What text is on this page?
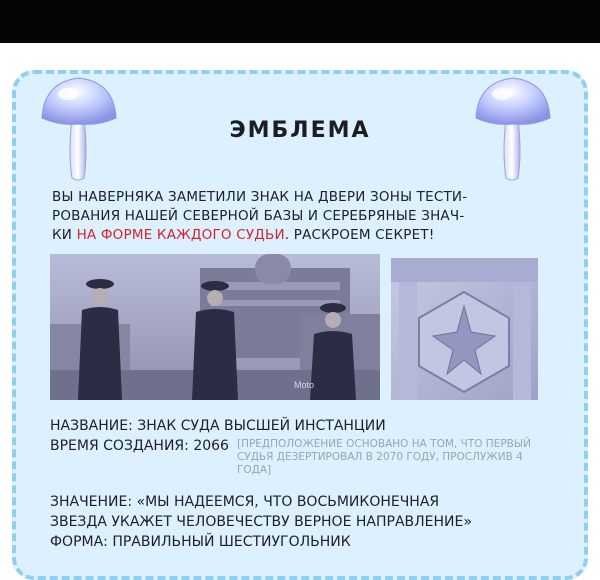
ЭМБЛЕМА
ВЫ НАВЕРНЯКА ЗАМЕТИЛИ ЗНАК НА ДВЕРИ ЗОНЫ ТЕСТИ-
РОВАНИЯ НАШЕЙ СЕВЕРНОЙ БАЗЫ И СЕРЕБРЯНЫЕ ЗНАЧ-
КИ НА ФОРМЕ КАЖДОГО СУДЬИ. РАСКРОЕМ СЕКРЕТ!
Moto
НАЗВАНИЕ: ЗНАК СУДА ВЫСШЕЙ ИНСТАНЦИИ
ВРЕМЯ СОЗДАНИЯ: 2066 [ПРЕДПОЛОЖЕНИЕ ОСНОВАНО НА ТОМ, ЧТО ПЕРВЫЙ СУДЬЯ ДЕЗЕРТИРОВАЛ В 2070 ГОДУ, ПРОСЛУЖИВ 4 ГОДА]
ЗНАЧЕНИЕ: «МЫ НАДЕЕМСЯ, ЧТО ВОСЬМИКОНЕЧНАЯ
ЗВЕЗДА УКАЖЕТ ЧЕЛОВЕЧЕСТВУ ВЕРНОЕ НАПРАВЛЕНИЕ»
ФОРМА: ПРАВИЛЬНЫЙ ШЕСТИУГОЛЬНИК
